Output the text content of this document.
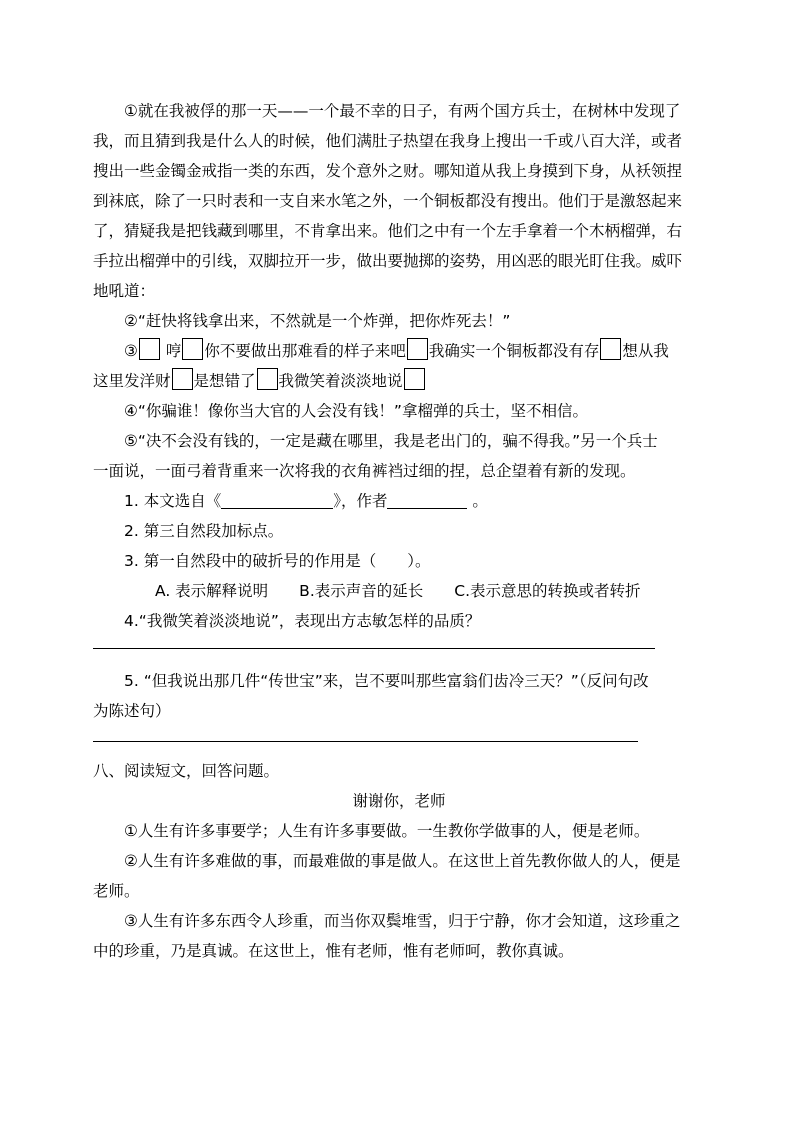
①就在我被俘的那一天——一个最不幸的日子，有两个国方兵士，在树林中发现了
我，而且猜到我是什么人的时候，他们满肚子热望在我身上搜出一千或八百大洋，或者
搜出一些金镯金戒指一类的东西，发个意外之财。哪知道从我上身摸到下身，从袄领捏
到袜底，除了一只时表和一支自来水笔之外，一个铜板都没有搜出。他们于是激怒起来
了，猜疑我是把钱藏到哪里，不肯拿出来。他们之中有一个左手拿着一个木柄榴弹，右
手拉出榴弹中的引线，双脚拉开一步，做出要抛掷的姿势，用凶恶的眼光盯住我。威吓
地吼道：
②“赶快将钱拿出来，不然就是一个炸弹，把你炸死去！”
③ 哼 你不要做出那难看的样子来吧 我确实一个铜板都没有存 想从我
这里发洋财 是想错了 我微笑着淡淡地说
④“你骗谁！像你当大官的人会没有钱！”拿榴弹的兵士，坚不相信。
⑤“决不会没有钱的，一定是藏在哪里，我是老出门的，骗不得我。”另一个兵士
一面说，一面弓着背重来一次将我的衣角裤裆过细的捏，总企望着有新的发现。
1. 本文选自《	》，作者	。
2. 第三自然段加标点。
3. 第一自然段中的破折号的作用是（　　）。
A. 表示解释说明　　B.表示声音的延长　　C.表示意思的转换或者转折
4.“我微笑着淡淡地说”，表现出方志敏怎样的品质？
5. “但我说出那几件“传世宝”来，岂不要叫那些富翁们齿冷三天？”（反问句改
为陈述句）
八、阅读短文，回答问题。
谢谢你，老师
①人生有许多事要学；人生有许多事要做。一生教你学做事的人，便是老师。
②人生有许多难做的事，而最难做的事是做人。在这世上首先教你做人的人，便是
老师。
③人生有许多东西令人珍重，而当你双鬓堆雪，归于宁静，你才会知道，这珍重之
中的珍重，乃是真诚。在这世上，惟有老师，惟有老师呵，教你真诚。
